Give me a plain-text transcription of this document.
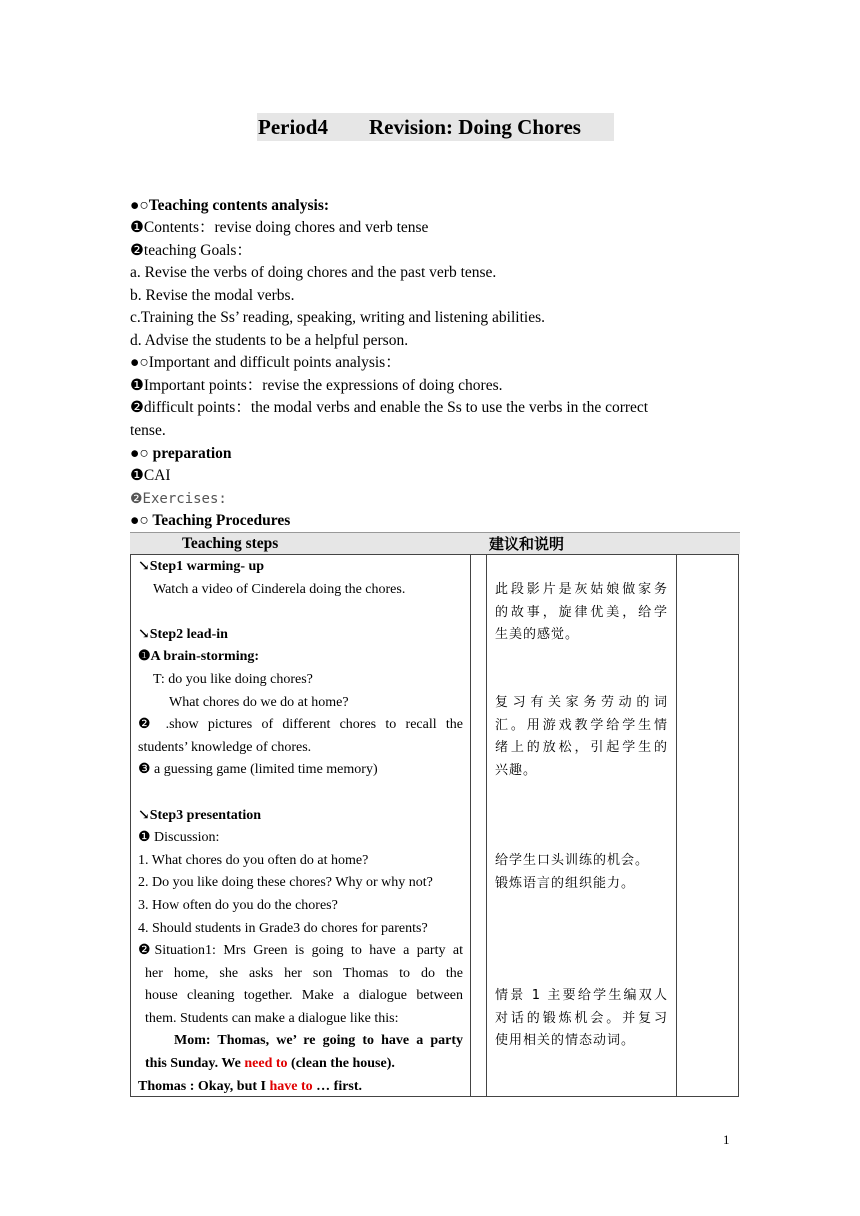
Period4

Revision: Doing Chores

●○Teaching contents analysis:
❶Contents：revise doing chores and verb tense
❷teaching Goals：
a. Revise the verbs of doing chores and the past verb tense.
b. Revise the modal verbs.
c.Training the Ss’ reading, speaking, writing and listening abilities.
d. Advise the students to be a helpful person.
●○Important and difficult points analysis：
❶Important points：revise the expressions of doing chores.
❷difficult points：the modal verbs and enable the Ss to use the verbs in the correct
tense.
●○ preparation
❶CAI
❷Exercises:
●○ Teaching Procedures
Teaching steps	建议和说明
↘Step1 warming- up
Watch a video of Cinderela doing the chores.
↘Step2 lead-in
❶A brain-storming:
T: do you like doing chores?
What chores do we do at home?
❷ .show pictures of different chores to recall the
students’ knowledge of chores.
❸ a guessing game (limited time memory)
↘Step3 presentation
❶ Discussion:
1. What chores do you often do at home?
2. Do you like doing these chores? Why or why not?
3. How often do you do the chores?
4. Should students in Grade3 do chores for parents?
❷Situation1: Mrs Green is going to have a party at
her home, she asks her son Thomas to do the
house cleaning together. Make a dialogue between
them. Students can make a dialogue like this:
Mom: Thomas, we’ re going to have a party
this Sunday. We need to (clean the house).
Thomas : Okay, but I have to … first.
此段影片是灰姑娘做家务
的故事，旋律优美，给学
生美的感觉。
复习有关家务劳动的词
汇。用游戏教学给学生情
绪上的放松，引起学生的
兴趣。
给学生口头训练的机会。
锻炼语言的组织能力。
情景 1 主要给学生编双人
对话的锻炼机会。并复习
使用相关的情态动词。
1
